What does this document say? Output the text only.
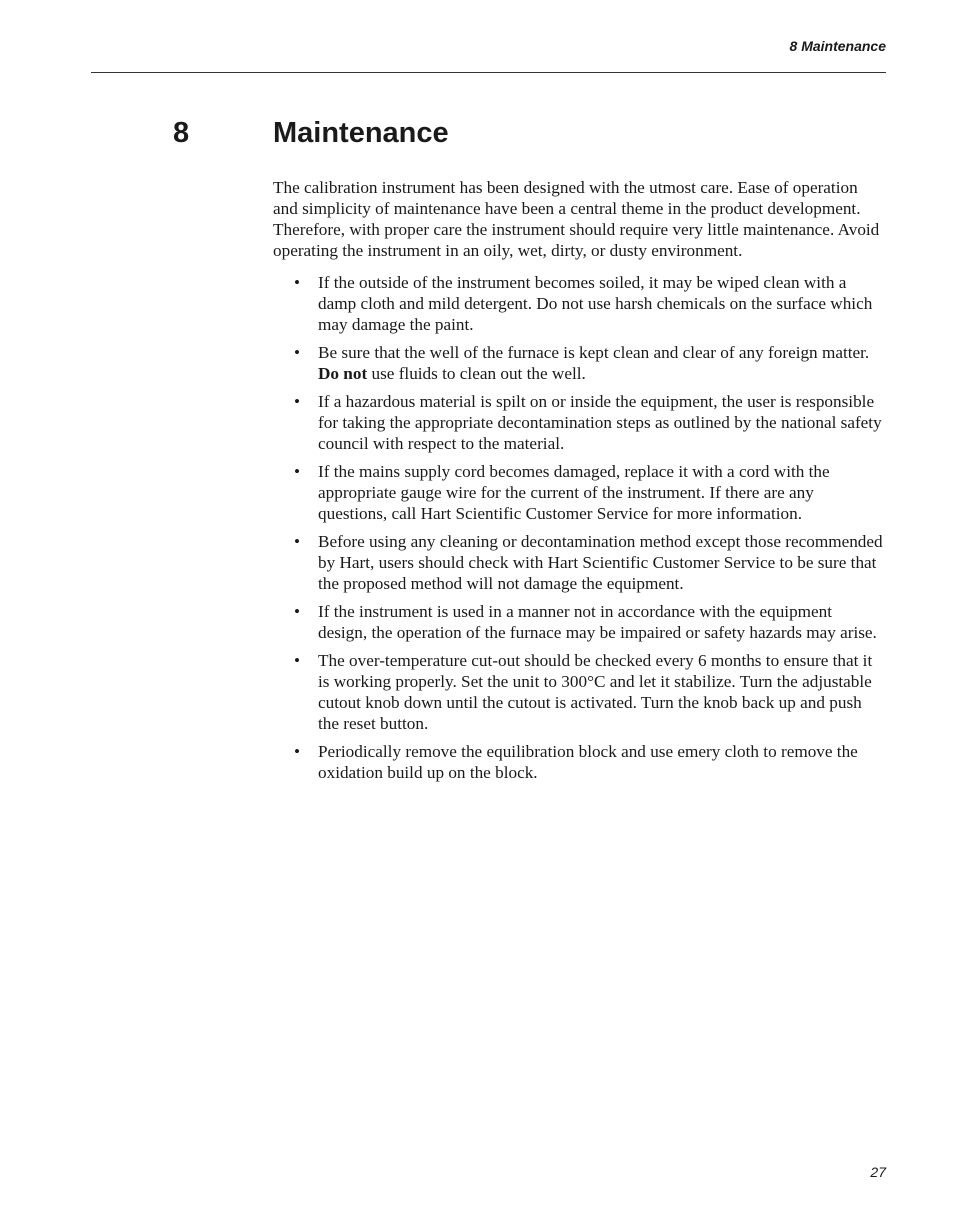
8 Maintenance
8	Maintenance

The calibration instrument has been designed with the utmost care. Ease of operation and simplicity of maintenance have been a central theme in the product development. Therefore, with proper care the instrument should require very little maintenance. Avoid operating the instrument in an oily, wet, dirty, or dusty environment.

• If the outside of the instrument becomes soiled, it may be wiped clean with a damp cloth and mild detergent. Do not use harsh chemicals on the surface which may damage the paint.
• Be sure that the well of the furnace is kept clean and clear of any foreign matter. Do not use fluids to clean out the well.
• If a hazardous material is spilt on or inside the equipment, the user is responsible for taking the appropriate decontamination steps as outlined by the national safety council with respect to the material.
• If the mains supply cord becomes damaged, replace it with a cord with the appropriate gauge wire for the current of the instrument. If there are any questions, call Hart Scientific Customer Service for more information.
• Before using any cleaning or decontamination method except those recommended by Hart, users should check with Hart Scientific Customer Service to be sure that the proposed method will not damage the equipment.
• If the instrument is used in a manner not in accordance with the equipment design, the operation of the furnace may be impaired or safety hazards may arise.
• The over-temperature cut-out should be checked every 6 months to ensure that it is working properly. Set the unit to 300°C and let it stabilize. Turn the adjustable cutout knob down until the cutout is activated. Turn the knob back up and push the reset button.
• Periodically remove the equilibration block and use emery cloth to remove the oxidation build up on the block.
27
